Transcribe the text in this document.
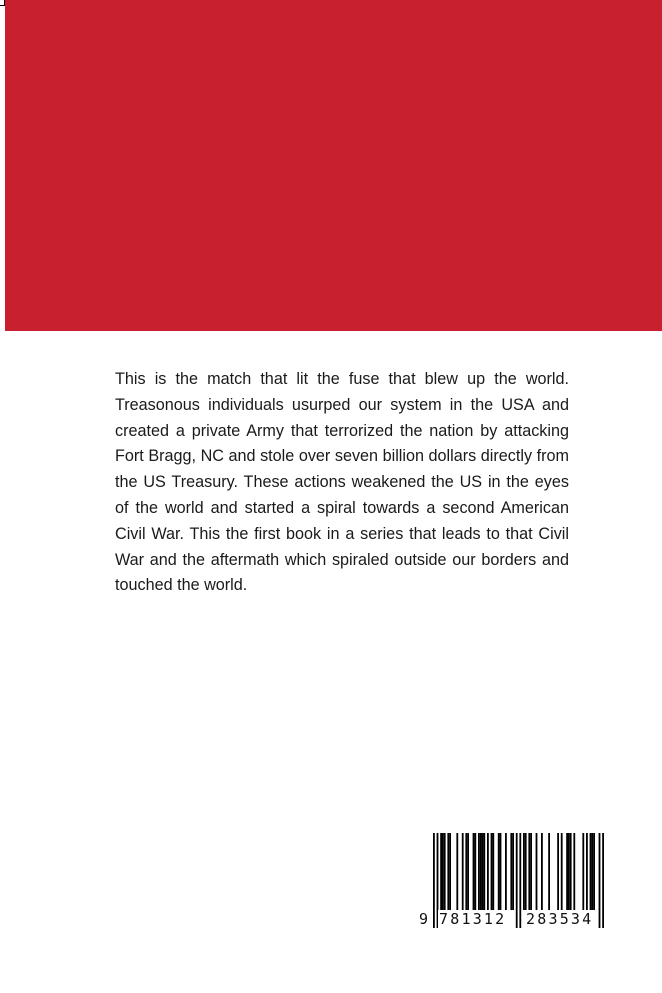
This is the match that lit the fuse that blew up the world. Treasonous individuals usurped our system in the USA and created a private Army that terrorized the nation by attacking Fort Bragg, NC and stole over seven billion dollars directly from the US Treasury. These actions weakened the US in the eyes of the world and started a spiral towards a second American Civil War. This the first book in a series that leads to that Civil War and the aftermath which spiraled outside our borders and touched the world.

9 781312 283534
